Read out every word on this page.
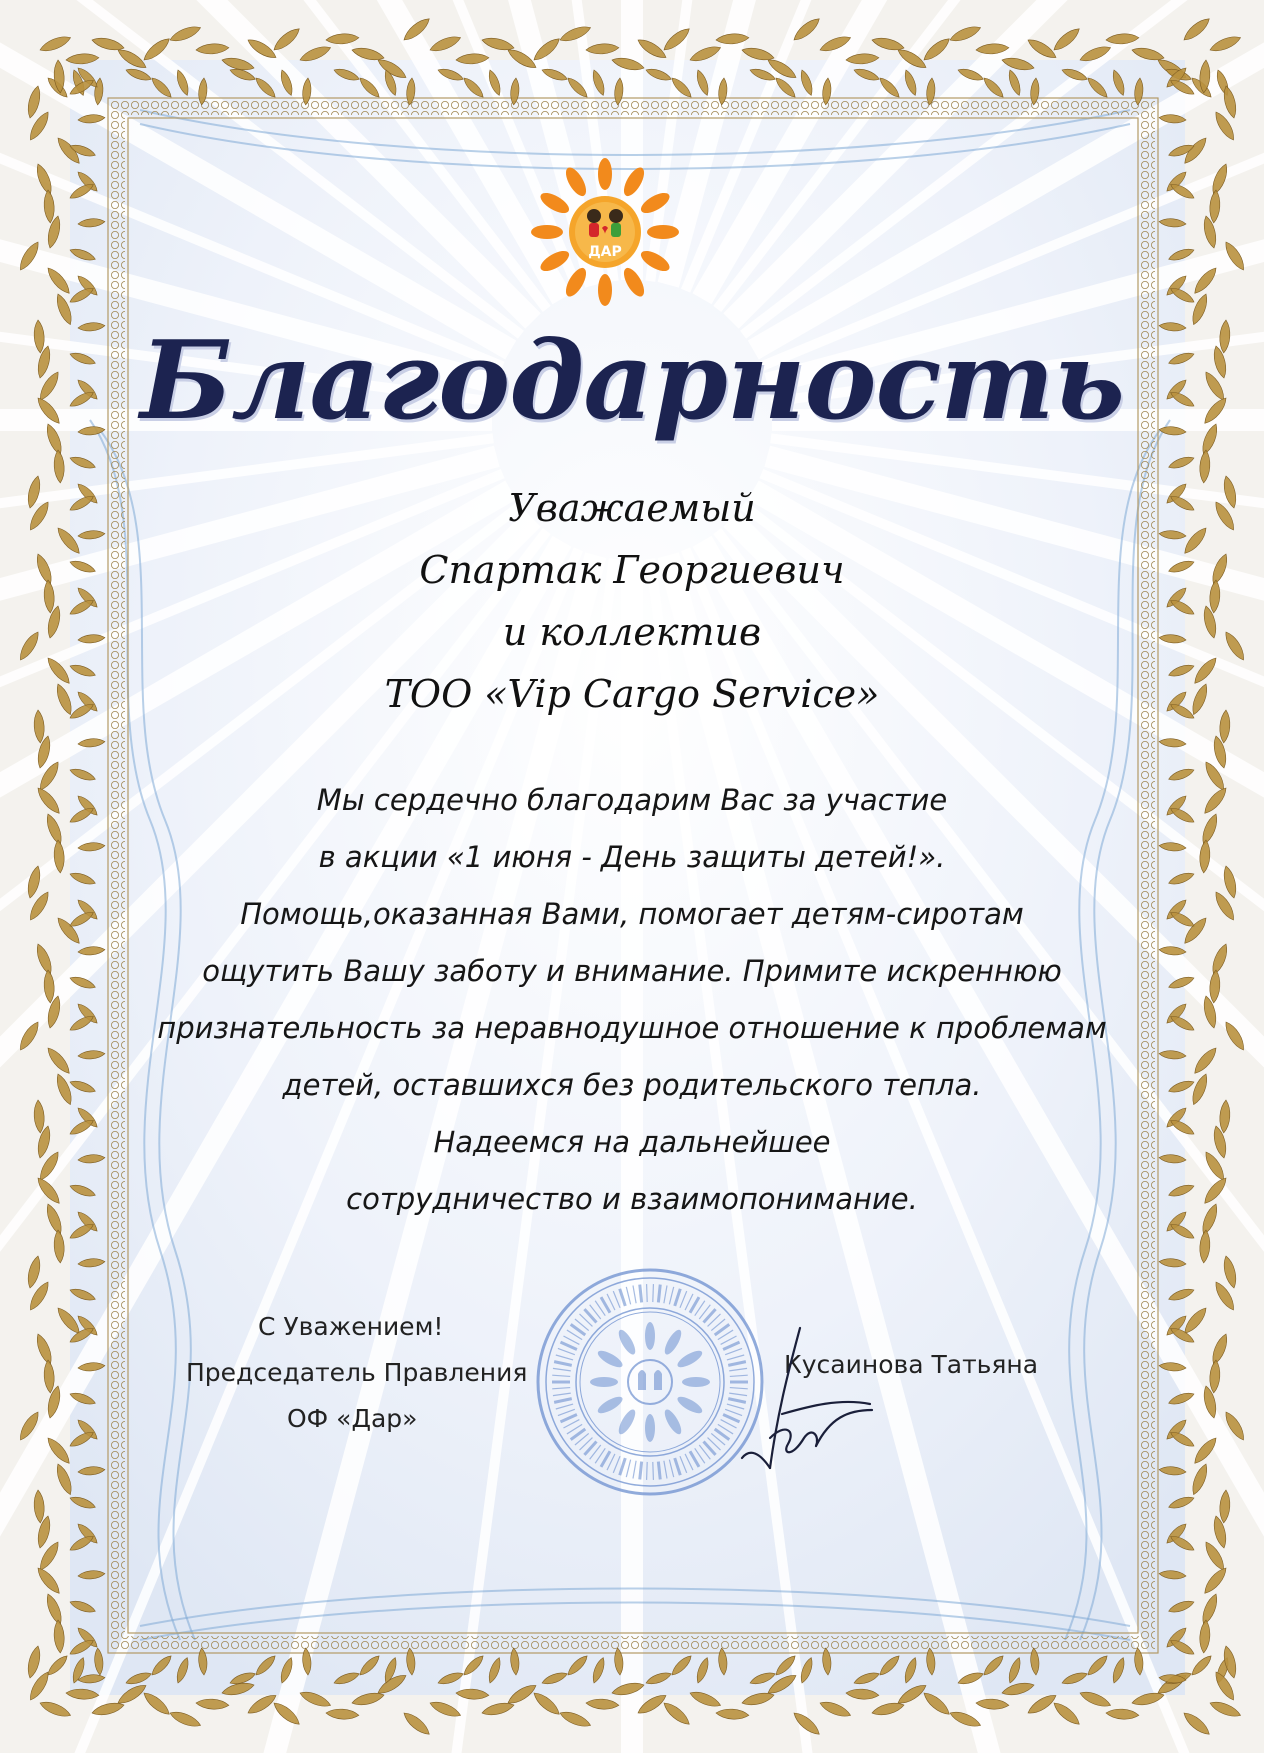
ДАР
Благодарность
Уважаемый
Спартак Георгиевич
и коллектив
ТОО «Vip Cargo Service»
Мы сердечно благодарим Вас за участие
в акции «1 июня - День защиты детей!».
Помощь,оказанная Вами, помогает детям-сиротам
ощутить Вашу заботу и внимание. Примите искреннюю
признательность за неравнодушное отношение к проблемам
детей, оставшихся без родительского тепла.
Надеемся на дальнейшее
сотрудничество и взаимопонимание.
С Уважением!
Председатель Правления
ОФ «Дар»
Кусаинова Татьяна
